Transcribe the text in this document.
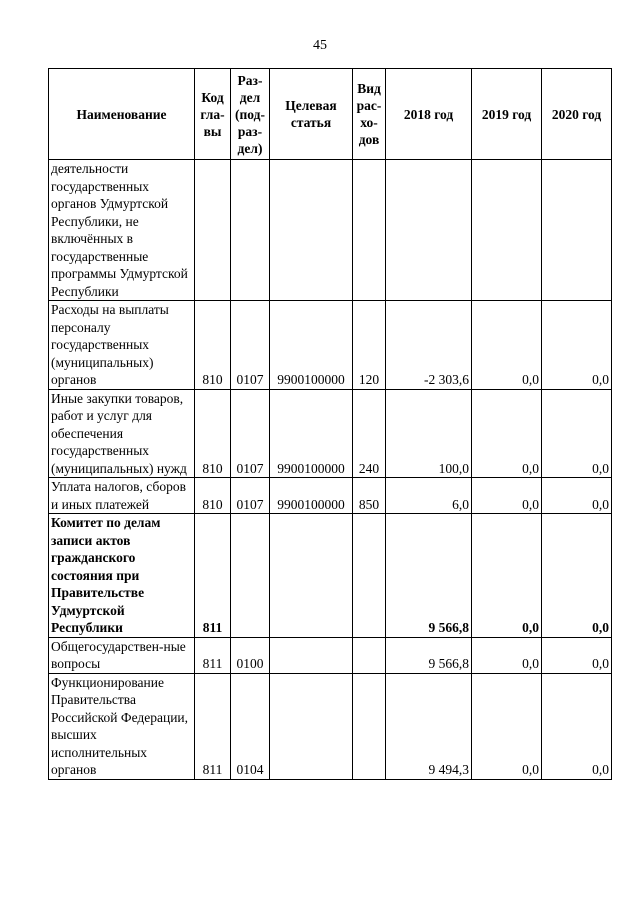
45
Наименование	Код гла-вы	Раз-дел (под-раз-дел)	Целевая статья	Вид рас-хо-дов	2018 год	2019 год	2020 год
деятельности государственных органов Удмуртской Республики, не включённых в государственные программы Удмуртской Республики							
Расходы на выплаты персоналу государственных (муниципальных) органов	810	0107	9900100000	120	-2 303,6	0,0	0,0
Иные закупки товаров, работ и услуг для обеспечения государственных (муниципальных) нужд	810	0107	9900100000	240	100,0	0,0	0,0
Уплата налогов, сборов и иных платежей	810	0107	9900100000	850	6,0	0,0	0,0
Комитет по делам записи актов гражданского состояния при Правительстве Удмуртской Республики	811				9 566,8	0,0	0,0
Общегосударствен-ные вопросы	811	0100			9 566,8	0,0	0,0
Функционирование Правительства Российской Федерации, высших исполнительных органов	811	0104			9 494,3	0,0	0,0
